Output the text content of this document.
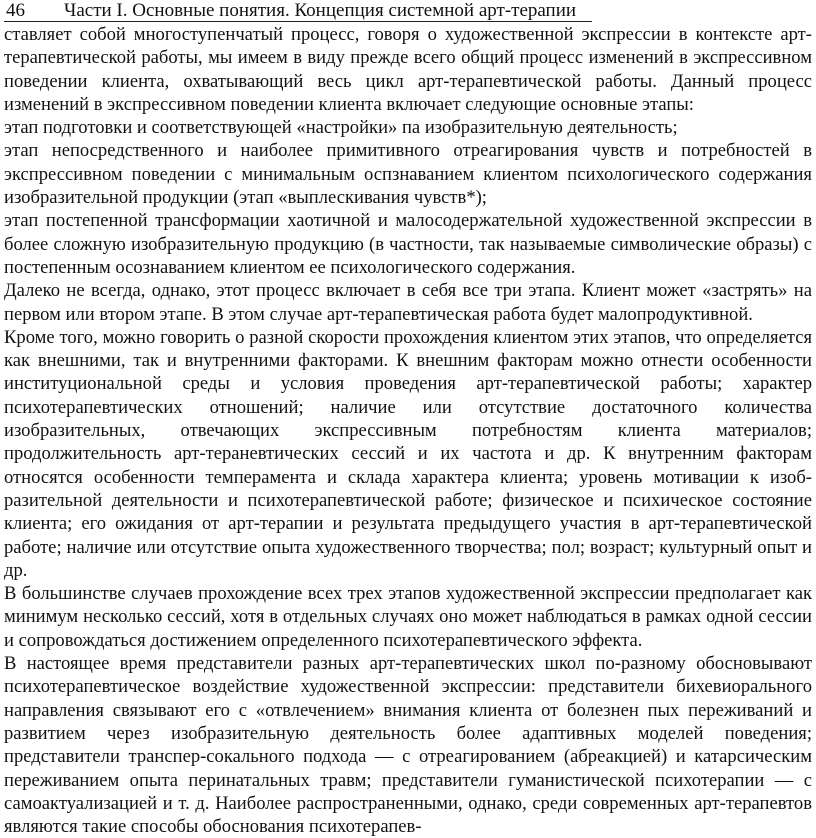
46 Части I. Основные понятия. Концепция системной арт-терапии

ставляет собой многоступенчатый процесс, говоря о художественной экспрессии в контексте арт-терапевтической работы, мы имеем в виду прежде всего общий процесс изменений в экспрессивном поведении клиента, охватывающий весь цикл арт-терапевтической работы. Данный процесс изменений в экспрессивном поведении клиента включает следующие основные этапы:

этап подготовки и соответствующей «настройки» па изобразительную деятельность;

этап непосредственного и наиболее примитивного отреагирования чувств и потребностей в экспрессивном поведении с минимальным оспзнаванием клиентом психологического содержания изобразительной продукции (этап «выплескивания чувств*);

этап постепенной трансформации хаотичной и малосодержательной художественной экспрессии в более сложную изобразительную продукцию (в частности, так называемые символические образы) с постепенным осознаванием клиентом ее психологического содержания.

Далеко не всегда, однако, этот процесс включает в себя все три этапа. Клиент может «застрять» на первом или втором этапе. В этом случае арт-терапевтическая работа будет малопродуктивной.

Кроме того, можно говорить о разной скорости прохождения клиентом этих этапов, что определяется как внешними, так и внутренними факторами. К внешним факторам можно отнести особенности институциональной среды и условия проведения арт-терапевтической работы; характер психотерапевтических отношений; наличие или отсутствие достаточного количества изобразительных, отвечающих экспрессивным потребностям клиента материалов; продолжительность арт-тераневтических сессий и их частота и др. К внутренним факторам относятся особенности темперамента и склада характера клиента; уровень мотивации к изоб-разительной деятельности и психотерапевтической работе; физическое и психическое состояние клиента; его ожидания от арт-терапии и результата предыдущего участия в арт-терапевтической работе; наличие или отсутствие опыта художественного творчества; пол; возраст; культурный опыт и др.

В большинстве случаев прохождение всех трех этапов художественной экспрессии предполагает как минимум несколько сессий, хотя в отдельных случаях оно может наблюдаться в рамках одной сессии и сопровождаться достижением определенного психотерапевтического эффекта.

В настоящее время представители разных арт-терапевтических школ по-разному обосновывают психотерапевтическое воздействие художественной экспрессии: представители бихевиорального направления связывают его с «отвлечением» внимания клиента от болезнен пых переживаний и развитием через изобразительную деятельность более адаптивных моделей поведения; представители транспер-сокального подхода — с отреагированием (абреакцией) и катарсическим переживанием опыта перинатальных травм; представители гуманистической психотерапии — с самоактуализацией и т. д. Наиболее распространенными, однако, среди современных арт-терапевтов являются такие способы обоснования психотерапев-
